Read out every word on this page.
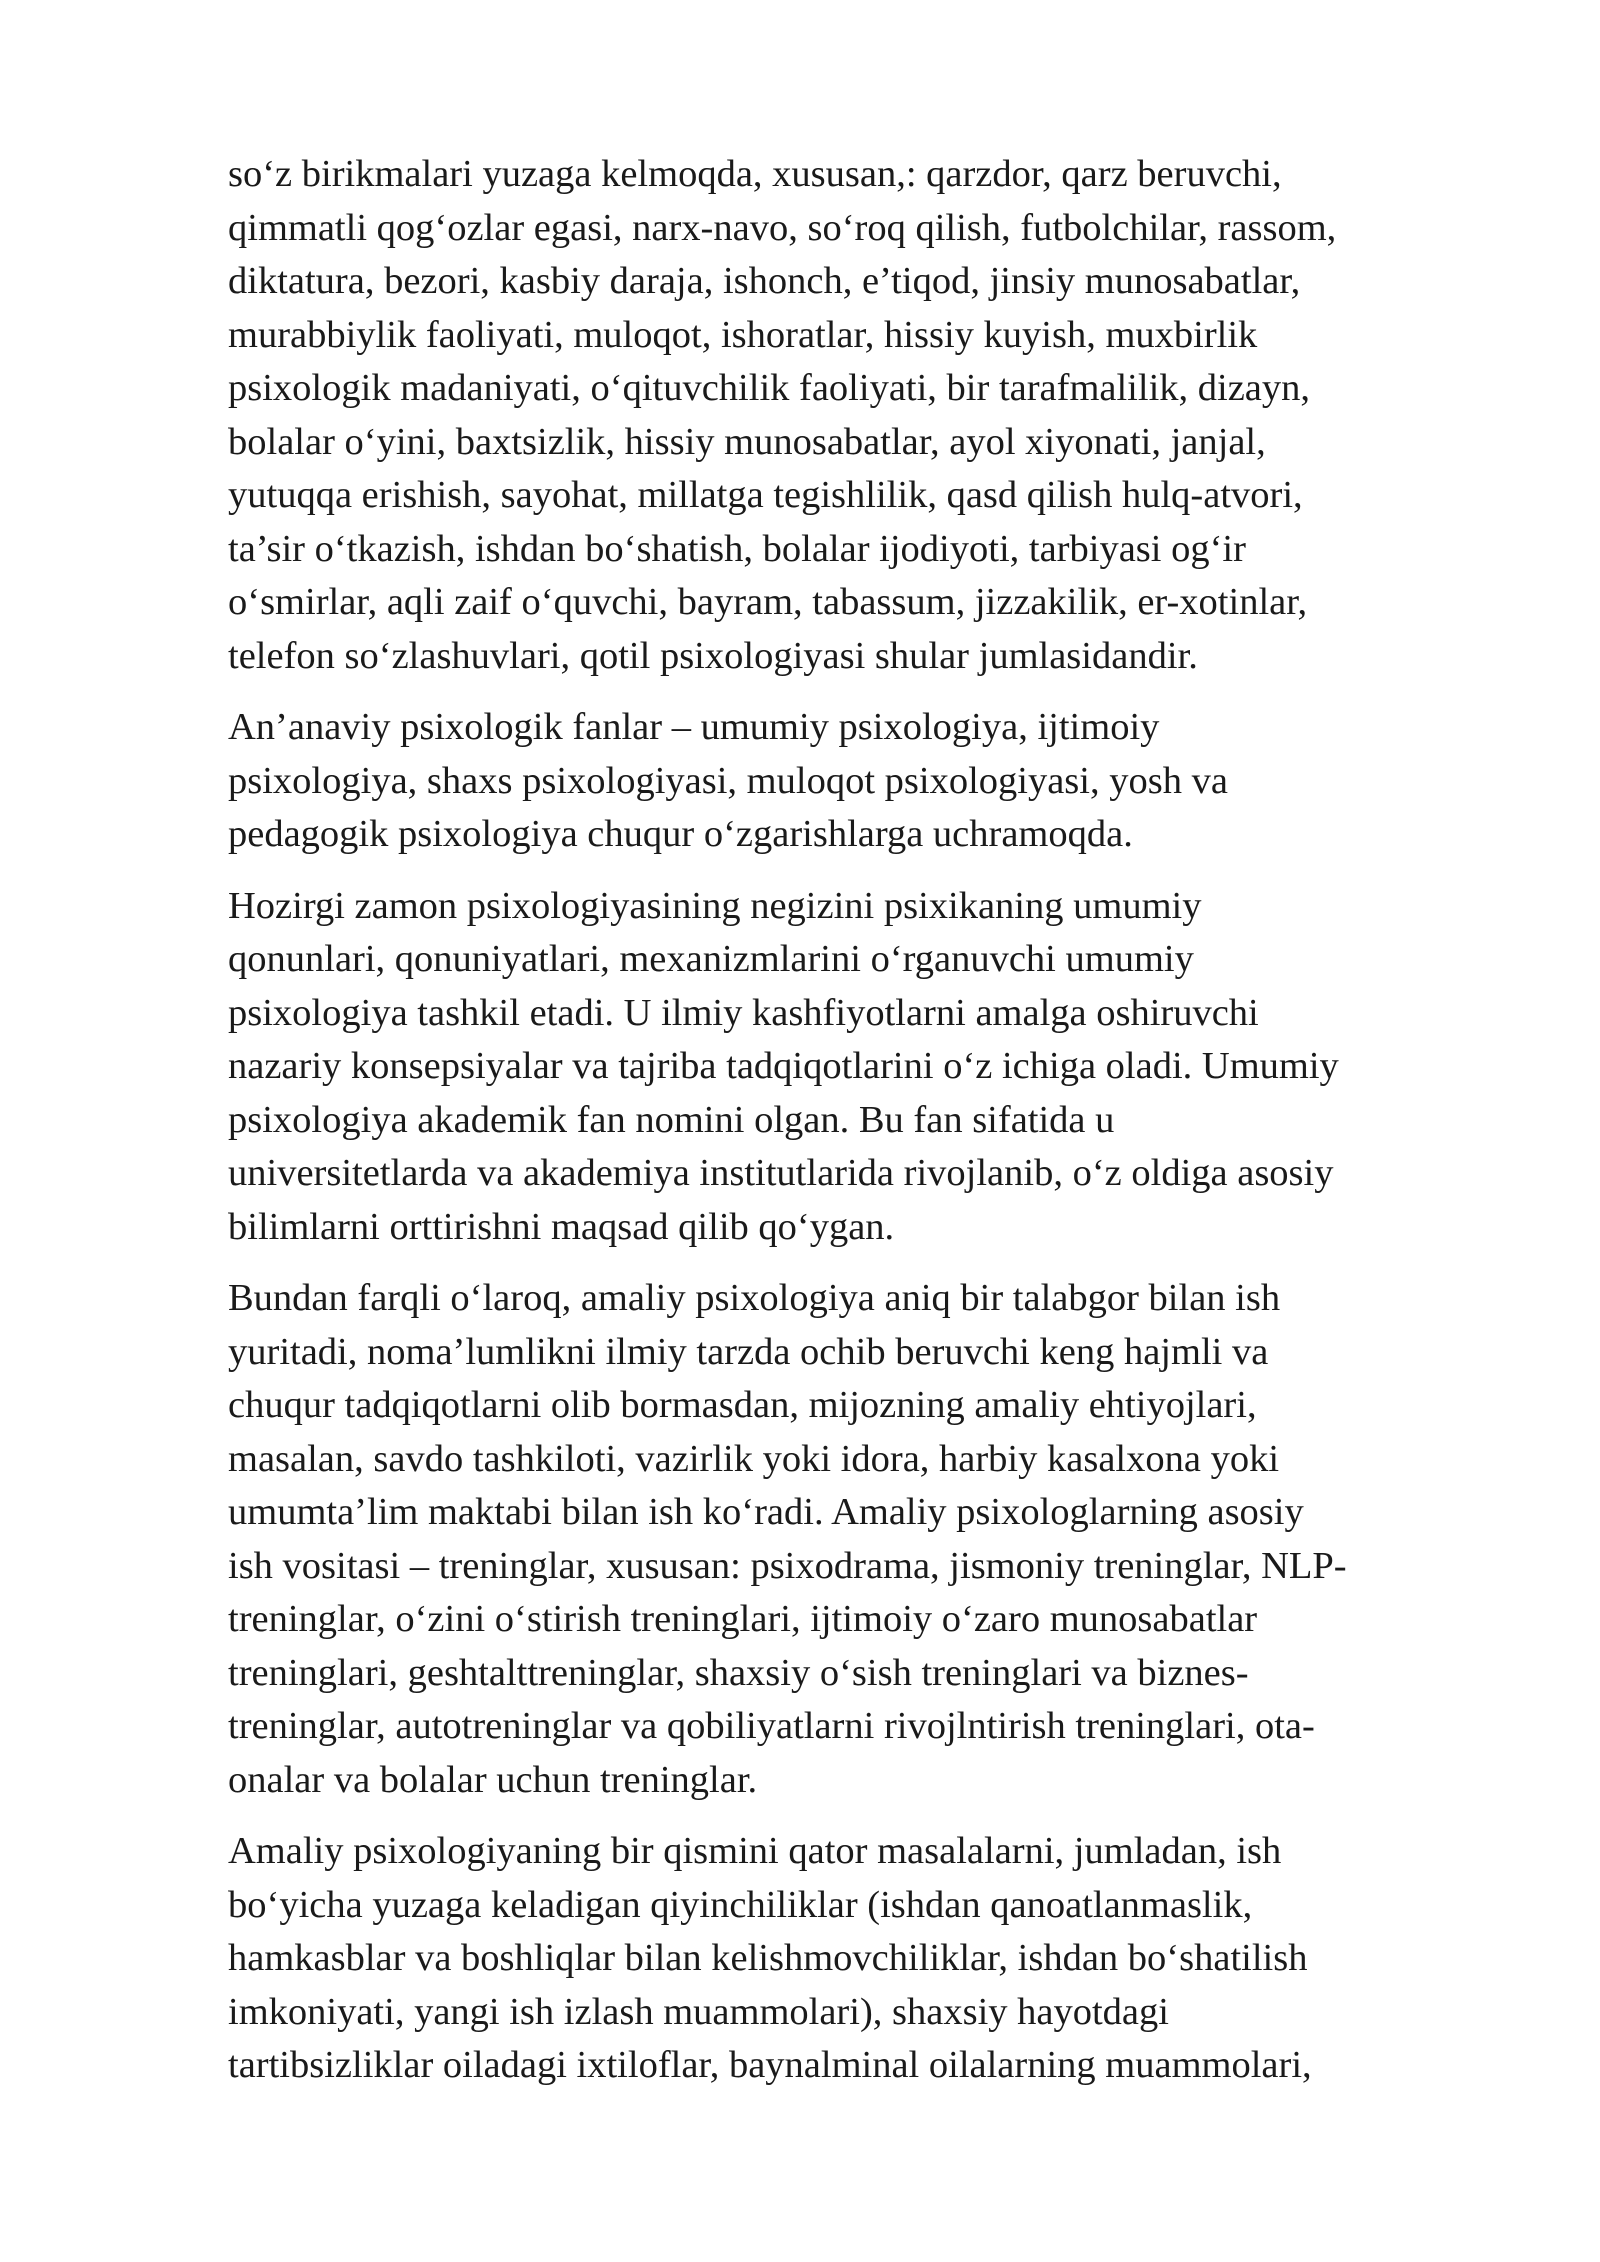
so‘z birikmalari yuzaga kelmoqda, xususan,: qarzdor, qarz beruvchi,
qimmatli qog‘ozlar egasi, narx-navo, so‘roq qilish, futbolchilar, rassom,
diktatura, bezori, kasbiy daraja, ishonch, e’tiqod, jinsiy munosabatlar,
murabbiylik faoliyati, muloqot, ishoratlar, hissiy kuyish, muxbirlik
psixologik madaniyati, o‘qituvchilik faoliyati, bir tarafmalilik, dizayn,
bolalar o‘yini, baxtsizlik, hissiy munosabatlar, ayol xiyonati, janjal,
yutuqqa erishish, sayohat, millatga tegishlilik, qasd qilish hulq-atvori,
ta’sir o‘tkazish, ishdan bo‘shatish, bolalar ijodiyoti, tarbiyasi og‘ir
o‘smirlar, aqli zaif o‘quvchi, bayram, tabassum, jizzakilik, er-xotinlar,
telefon so‘zlashuvlari, qotil psixologiyasi shular jumlasidandir.

An’anaviy psixologik fanlar – umumiy psixologiya, ijtimoiy
psixologiya, shaxs psixologiyasi, muloqot psixologiyasi, yosh va
pedagogik psixologiya chuqur o‘zgarishlarga uchramoqda.

Hozirgi zamon psixologiyasining negizini psixikaning umumiy
qonunlari, qonuniyatlari, mexanizmlarini o‘rganuvchi umumiy
psixologiya tashkil etadi. U ilmiy kashfiyotlarni amalga oshiruvchi
nazariy konsepsiyalar va tajriba tadqiqotlarini o‘z ichiga oladi. Umumiy
psixologiya akademik fan nomini olgan. Bu fan sifatida u
universitetlarda va akademiya institutlarida rivojlanib, o‘z oldiga asosiy
bilimlarni orttirishni maqsad qilib qo‘ygan.

Bundan farqli o‘laroq, amaliy psixologiya aniq bir talabgor bilan ish
yuritadi, noma’lumlikni ilmiy tarzda ochib beruvchi keng hajmli va
chuqur tadqiqotlarni olib bormasdan, mijozning amaliy ehtiyojlari,
masalan, savdo tashkiloti, vazirlik yoki idora, harbiy kasalxona yoki
umumta’lim maktabi bilan ish ko‘radi. Amaliy psixologlarning asosiy
ish vositasi – treninglar, xususan: psixodrama, jismoniy treninglar, NLP-
treninglar, o‘zini o‘stirish treninglari, ijtimoiy o‘zaro munosabatlar
treninglari, geshtalttreninglar, shaxsiy o‘sish treninglari va biznes-
treninglar, autotreninglar va qobiliyatlarni rivojlntirish treninglari, ota-
onalar va bolalar uchun treninglar.

Amaliy psixologiyaning bir qismini qator masalalarni, jumladan, ish
bo‘yicha yuzaga keladigan qiyinchiliklar (ishdan qanoatlanmaslik,
hamkasblar va boshliqlar bilan kelishmovchiliklar, ishdan bo‘shatilish
imkoniyati, yangi ish izlash muammolari), shaxsiy hayotdagi
tartibsizliklar oiladagi ixtiloflar, baynalminal oilalarning muammolari,
